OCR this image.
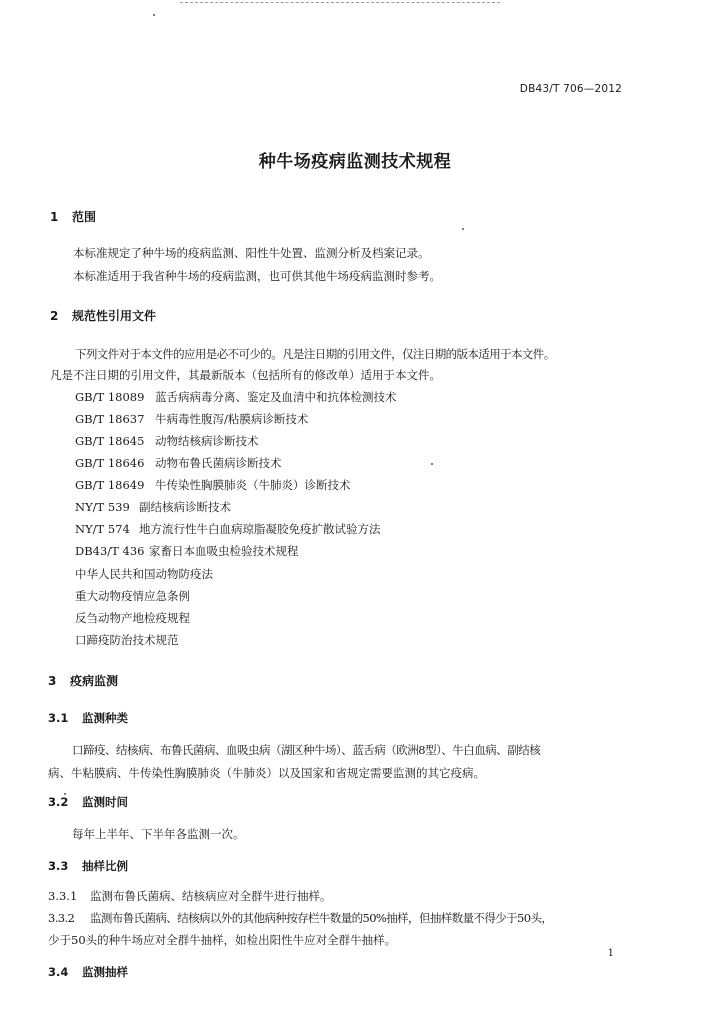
DB43/T 706—2012
种牛场疫病监测技术规程
1 范围
本标准规定了种牛场的疫病监测、阳性牛处置、监测分析及档案记录。
本标准适用于我省种牛场的疫病监测，也可供其他牛场疫病监测时参考。
2 规范性引用文件
下列文件对于本文件的应用是必不可少的。凡是注日期的引用文件，仅注日期的版本适用于本文件。
凡是不注日期的引用文件，其最新版本（包括所有的修改单）适用于本文件。
GB/T 18089 蓝舌病病毒分离、鉴定及血清中和抗体检测技术
GB/T 18637 牛病毒性腹泻/粘膜病诊断技术
GB/T 18645 动物结核病诊断技术
GB/T 18646 动物布鲁氏菌病诊断技术
GB/T 18649 牛传染性胸膜肺炎（牛肺炎）诊断技术
NY/T 539 副结核病诊断技术
NY/T 574 地方流行性牛白血病琼脂凝胶免疫扩散试验方法
DB43/T 436 家畜日本血吸虫检验技术规程
中华人民共和国动物防疫法
重大动物疫情应急条例
反刍动物产地检疫规程
口蹄疫防治技术规范
3 疫病监测
3.1 监测种类
口蹄疫、结核病、布鲁氏菌病、血吸虫病（湖区种牛场）、蓝舌病（欧洲8型）、牛白血病、副结核
病、牛粘膜病、牛传染性胸膜肺炎（牛肺炎）以及国家和省规定需要监测的其它疫病。
3.2 监测时间
每年上半年、下半年各监测一次。
3.3 抽样比例
3.3.1 监测布鲁氏菌病、结核病应对全群牛进行抽样。
3.3.2 监测布鲁氏菌病、结核病以外的其他病种按存栏牛数量的50%抽样，但抽样数量不得少于50头，
少于50头的种牛场应对全群牛抽样，如检出阳性牛应对全群牛抽样。
3.4 监测抽样
1
